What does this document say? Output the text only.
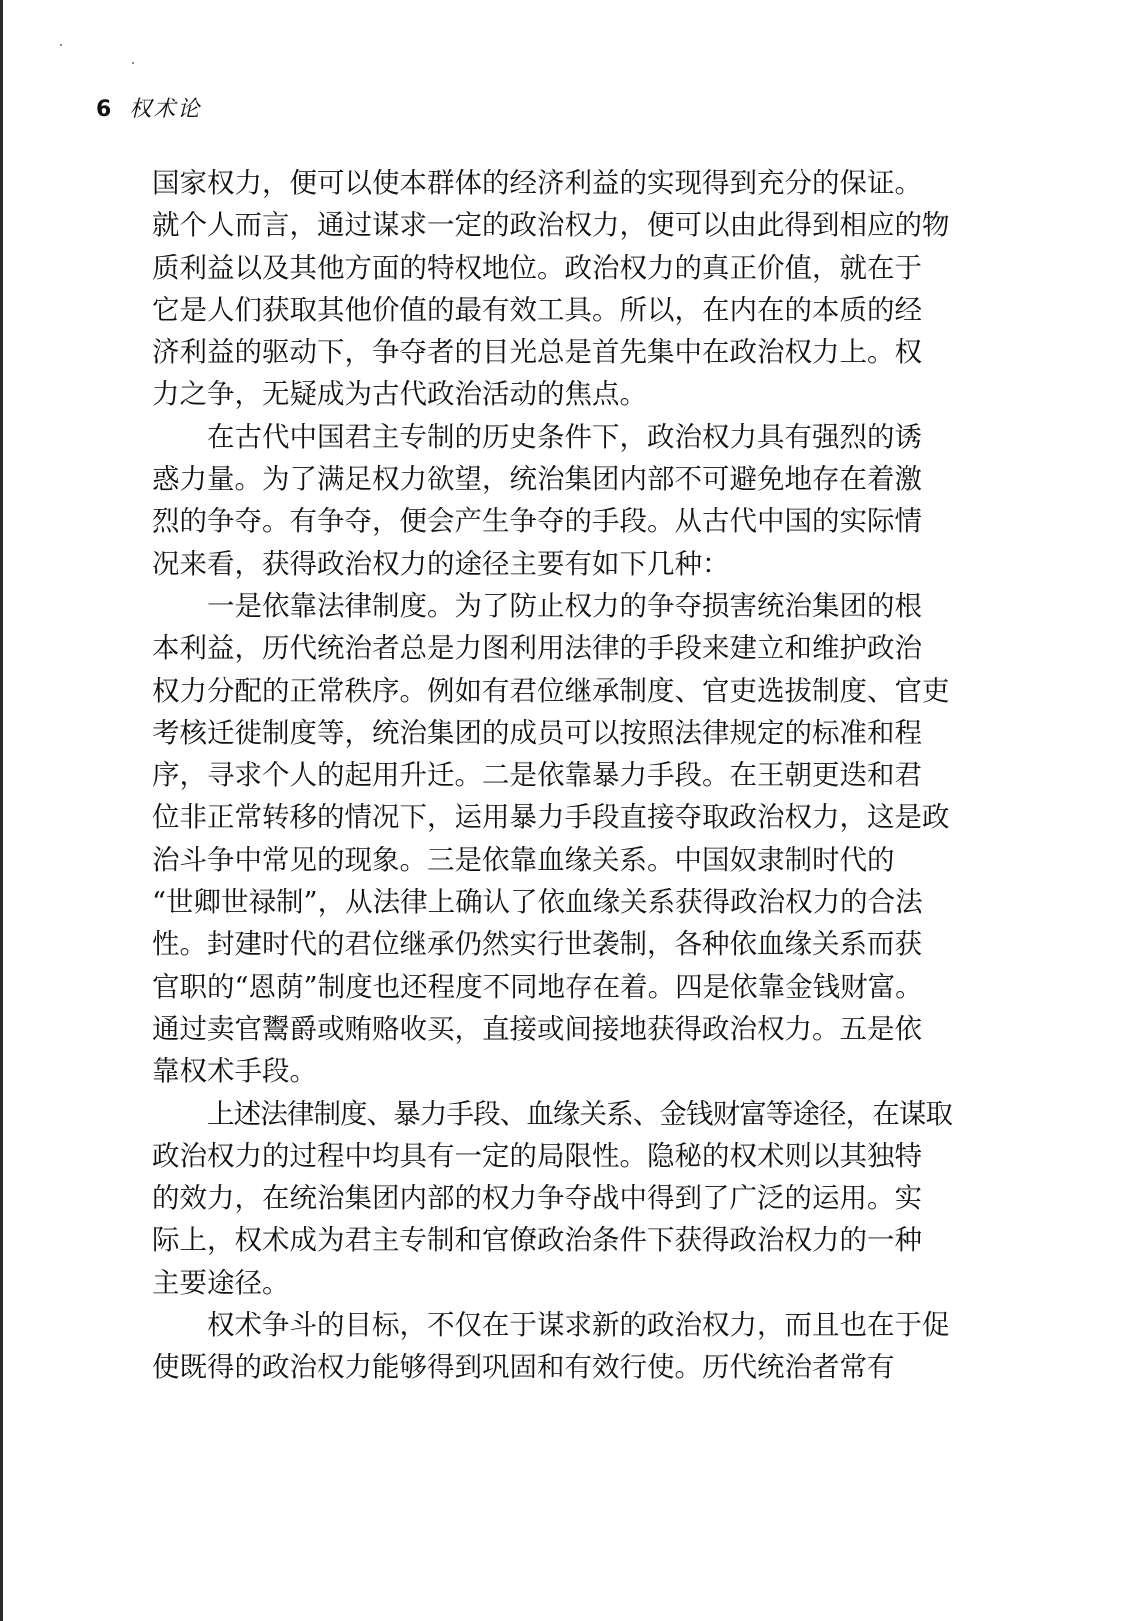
6 权术论
国家权力，便可以使本群体的经济利益的实现得到充分的保证。
就个人而言，通过谋求一定的政治权力，便可以由此得到相应的物
质利益以及其他方面的特权地位。政治权力的真正价值，就在于
它是人们获取其他价值的最有效工具。所以，在内在的本质的经
济利益的驱动下，争夺者的目光总是首先集中在政治权力上。权
力之争，无疑成为古代政治活动的焦点。
在古代中国君主专制的历史条件下，政治权力具有强烈的诱
惑力量。为了满足权力欲望，统治集团内部不可避免地存在着激
烈的争夺。有争夺，便会产生争夺的手段。从古代中国的实际情
况来看，获得政治权力的途径主要有如下几种：
一是依靠法律制度。为了防止权力的争夺损害统治集团的根
本利益，历代统治者总是力图利用法律的手段来建立和维护政治
权力分配的正常秩序。例如有君位继承制度、官吏选拔制度、官吏
考核迁徙制度等，统治集团的成员可以按照法律规定的标准和程
序，寻求个人的起用升迁。二是依靠暴力手段。在王朝更迭和君
位非正常转移的情况下，运用暴力手段直接夺取政治权力，这是政
治斗争中常见的现象。三是依靠血缘关系。中国奴隶制时代的
“世卿世禄制”，从法律上确认了依血缘关系获得政治权力的合法
性。封建时代的君位继承仍然实行世袭制，各种依血缘关系而获
官职的“恩荫”制度也还程度不同地存在着。四是依靠金钱财富。
通过卖官鬻爵或贿赂收买，直接或间接地获得政治权力。五是依
靠权术手段。
上述法律制度、暴力手段、血缘关系、金钱财富等途径，在谋取
政治权力的过程中均具有一定的局限性。隐秘的权术则以其独特
的效力，在统治集团内部的权力争夺战中得到了广泛的运用。实
际上，权术成为君主专制和官僚政治条件下获得政治权力的一种
主要途径。
权术争斗的目标，不仅在于谋求新的政治权力，而且也在于促
使既得的政治权力能够得到巩固和有效行使。历代统治者常有
